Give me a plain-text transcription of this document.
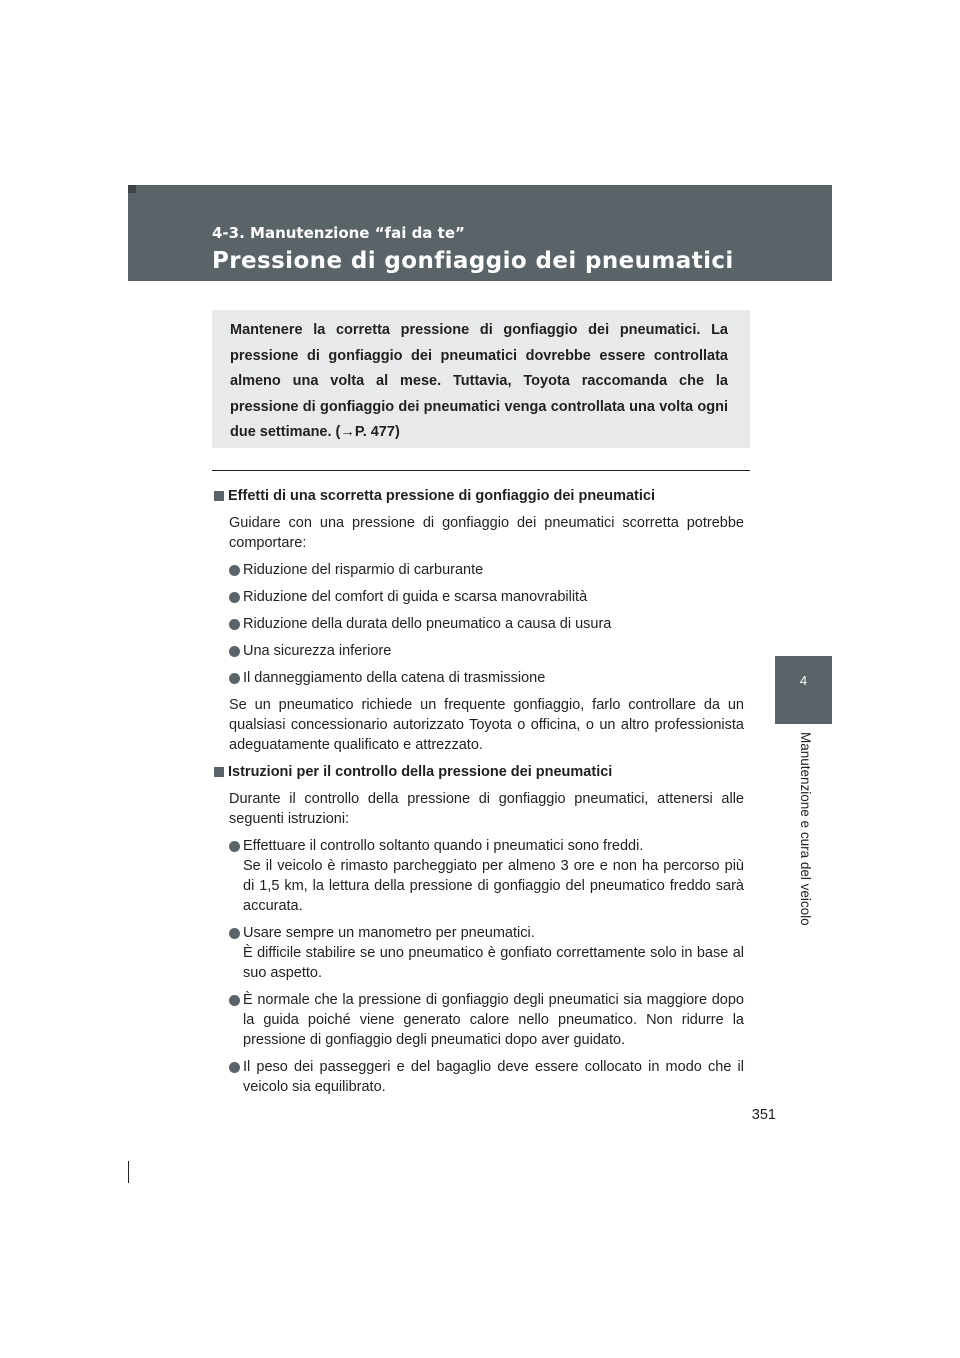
4-3. Manutenzione “fai da te”
Pressione di gonfiaggio dei pneumatici
4
Manutenzione e cura del veicolo
Mantenere la corretta pressione di gonfiaggio dei pneumatici. La pressione di gonfiaggio dei pneumatici dovrebbe essere controllata almeno una volta al mese. Tuttavia, Toyota raccomanda che la pressione di gonfiaggio dei pneumatici venga controllata una volta ogni due settimane. (→P. 477)
Effetti di una scorretta pressione di gonfiaggio dei pneumatici
Guidare con una pressione di gonfiaggio dei pneumatici scorretta potrebbe comportare:
Riduzione del risparmio di carburante
Riduzione del comfort di guida e scarsa manovrabilità
Riduzione della durata dello pneumatico a causa di usura
Una sicurezza inferiore
Il danneggiamento della catena di trasmissione
Se un pneumatico richiede un frequente gonfiaggio, farlo controllare da un qualsiasi concessionario autorizzato Toyota o officina, o un altro professionista adeguatamente qualificato e attrezzato.
Istruzioni per il controllo della pressione dei pneumatici
Durante il controllo della pressione di gonfiaggio pneumatici, attenersi alle seguenti istruzioni:
Effettuare il controllo soltanto quando i pneumatici sono freddi.
Se il veicolo è rimasto parcheggiato per almeno 3 ore e non ha percorso più di 1,5 km, la lettura della pressione di gonfiaggio del pneumatico freddo sarà accurata.
Usare sempre un manometro per pneumatici.
È difficile stabilire se uno pneumatico è gonfiato correttamente solo in base al suo aspetto.
È normale che la pressione di gonfiaggio degli pneumatici sia maggiore dopo la guida poiché viene generato calore nello pneumatico. Non ridurre la pressione di gonfiaggio degli pneumatici dopo aver guidato.
Il peso dei passeggeri e del bagaglio deve essere collocato in modo che il veicolo sia equilibrato.
351
